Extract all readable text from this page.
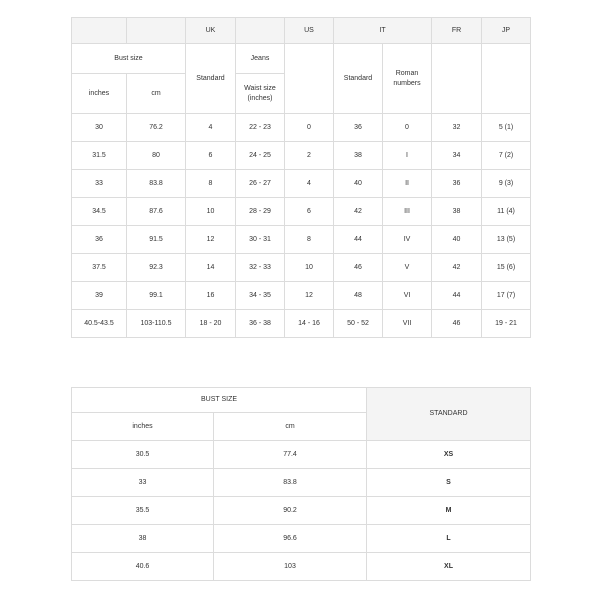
		UK		US	IT		FR	JP
Bust size		Standard	Jeans		Standard	Roman numbers		
inches	cm		Waist size (inches)					
30	76.2	4	22 - 23	0	36	0	32	5 (1)
31.5	80	6	24 - 25	2	38	I	34	7 (2)
33	83.8	8	26 - 27	4	40	II	36	9 (3)
34.5	87.6	10	28 - 29	6	42	III	38	11 (4)
36	91.5	12	30 - 31	8	44	IV	40	13 (5)
37.5	92.3	14	32 - 33	10	46	V	42	15 (6)
39	99.1	16	34 - 35	12	48	VI	44	17 (7)
40.5-43.5	103-110.5	18 - 20	36 - 38	14 - 16	50 - 52	VII	46	19 - 21
BUST SIZE		STANDARD
inches	cm	
30.5	77.4	XS
33	83.8	S
35.5	90.2	M
38	96.6	L
40.6	103	XL
